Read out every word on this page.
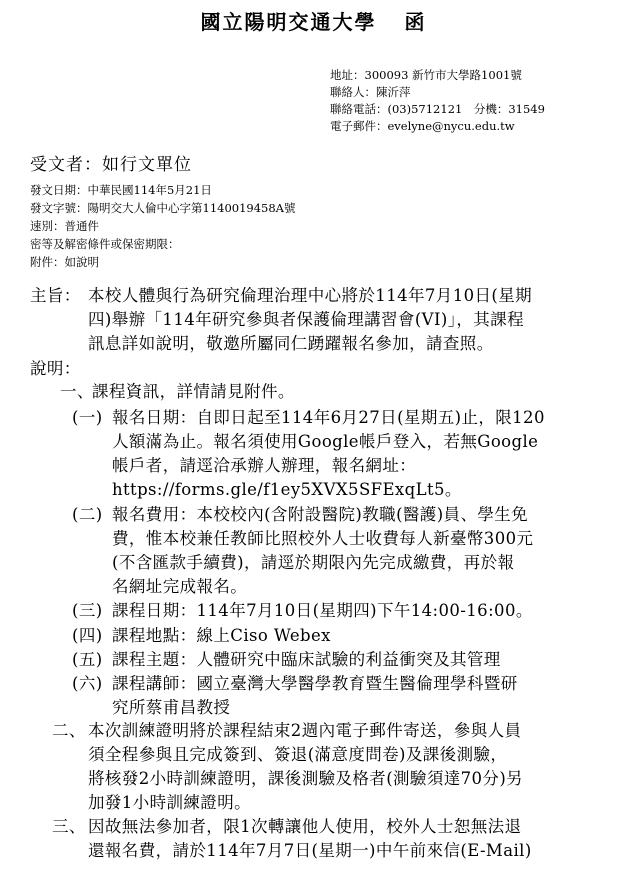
國立陽明交通大學 函
地址：300093 新竹市大學路1001號
聯絡人：陳沂萍
聯絡電話：(03)5712121　分機：31549
電子郵件：evelyne@nycu.edu.tw
受文者：如行文單位
發文日期：中華民國114年5月21日
發文字號：陽明交大人倫中心字第1140019458A號
速別：普通件
密等及解密條件或保密期限：
附件：如說明
主旨： 本校人體與行為研究倫理治理中心將於114年7月10日(星期
四)舉辦「114年研究參與者保護倫理講習會(VI)」，其課程
訊息詳如說明，敬邀所屬同仁踴躍報名參加，請查照。
說明：
一、
課程資訊，詳情請見附件。
(一) 報名日期：自即日起至114年6月27日(星期五)止，限120
人額滿為止。報名須使用Google帳戶登入，若無Google
帳戶者，請逕洽承辦人辦理，報名網址：
https://forms.gle/f1ey5XVX5SFExqLt5。
(二) 報名費用：本校校內(含附設醫院)教職(醫護)員、學生免
費，惟本校兼任教師比照校外人士收費每人新臺幣300元
(不含匯款手續費)，請逕於期限內先完成繳費，再於報
名網址完成報名。
(三) 課程日期：114年7月10日(星期四)下午14:00-16:00。
(四) 課程地點：線上Ciso Webex
(五) 課程主題：人體研究中臨床試驗的利益衝突及其管理
(六) 課程講師：國立臺灣大學醫學教育暨生醫倫理學科暨研
究所蔡甫昌教授
二、 本次訓練證明將於課程結束2週內電子郵件寄送，參與人員
須全程參與且完成簽到、簽退(滿意度問卷)及課後測驗，
將核發2小時訓練證明，課後測驗及格者(測驗須達70分)另
加發1小時訓練證明。
三、 因故無法參加者，限1次轉讓他人使用，校外人士恕無法退
還報名費，請於114年7月7日(星期一)中午前來信(E-Mail)
